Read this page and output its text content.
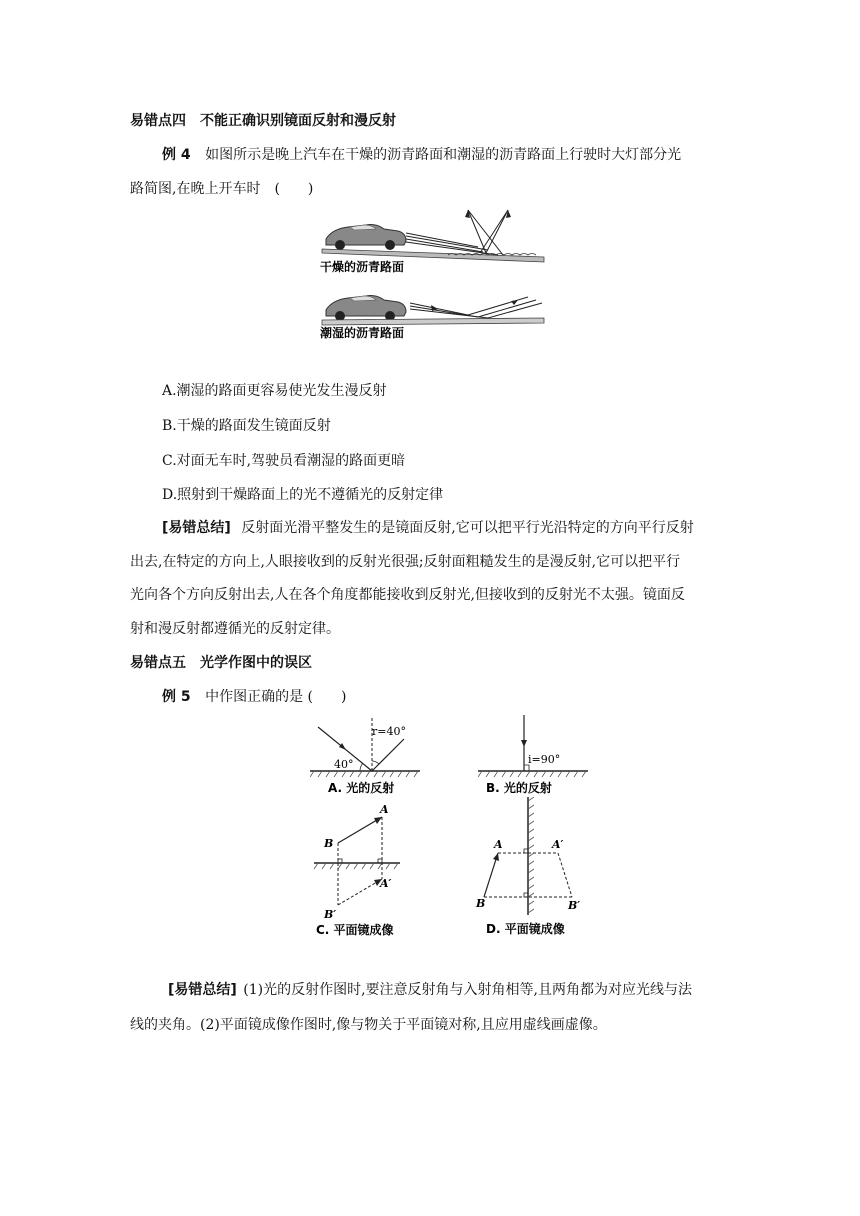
易错点四　不能正确识别镜面反射和漫反射
例 4 如图所示是晚上汽车在干燥的沥青路面和潮湿的沥青路面上行驶时大灯部分光
路简图,在晚上开车时　(　　)
干燥的沥青路面
潮湿的沥青路面
A.潮湿的路面更容易使光发生漫反射
B.干燥的路面发生镜面反射
C.对面无车时,驾驶员看潮湿的路面更暗
D.照射到干燥路面上的光不遵循光的反射定律
[易错总结] 反射面光滑平整发生的是镜面反射,它可以把平行光沿特定的方向平行反射
出去,在特定的方向上,人眼接收到的反射光很强;反射面粗糙发生的是漫反射,它可以把平行
光向各个方向反射出去,人在各个角度都能接收到反射光,但接收到的反射光不太强。镜面反
射和漫反射都遵循光的反射定律。
易错点五　光学作图中的误区
例 5 中作图正确的是 (　　)
40°
r=40°
A. 光的反射
i=90°
B. 光的反射
B
A
A′
B′
C. 平面镜成像
A
B
A′
B′
D. 平面镜成像
[易错总结] (1)光的反射作图时,要注意反射角与入射角相等,且两角都为对应光线与法
线的夹角。(2)平面镜成像作图时,像与物关于平面镜对称,且应用虚线画虚像。
